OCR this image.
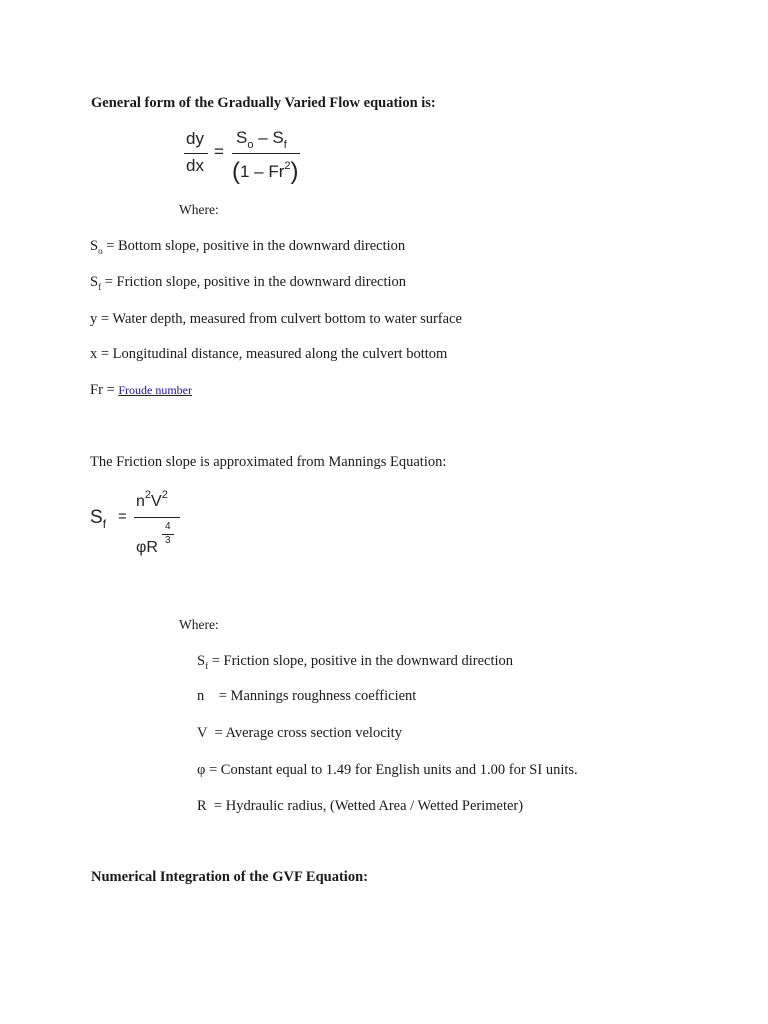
General form of the Gradually Varied Flow equation is:
dy
dx
=
$S_o - S_f$
(1 – Fr$^2$)
Where:
$S_o$ = Bottom slope, positive in the downward direction
$S_f$ = Friction slope, positive in the downward direction
y = Water depth, measured from culvert bottom to water surface
x = Longitudinal distance, measured along the culvert bottom
Fr = Froude number
The Friction slope is approximated from Mannings Equation:
$S_f$ =
$n^2V^2$
φR
4
3
Where:
$S_f$ = Friction slope, positive in the downward direction
n    = Mannings roughness coefficient
V  = Average cross section velocity
φ = Constant equal to 1.49 for English units and 1.00 for SI units.
R  = Hydraulic radius, (Wetted Area / Wetted Perimeter)
Numerical Integration of the GVF Equation:
